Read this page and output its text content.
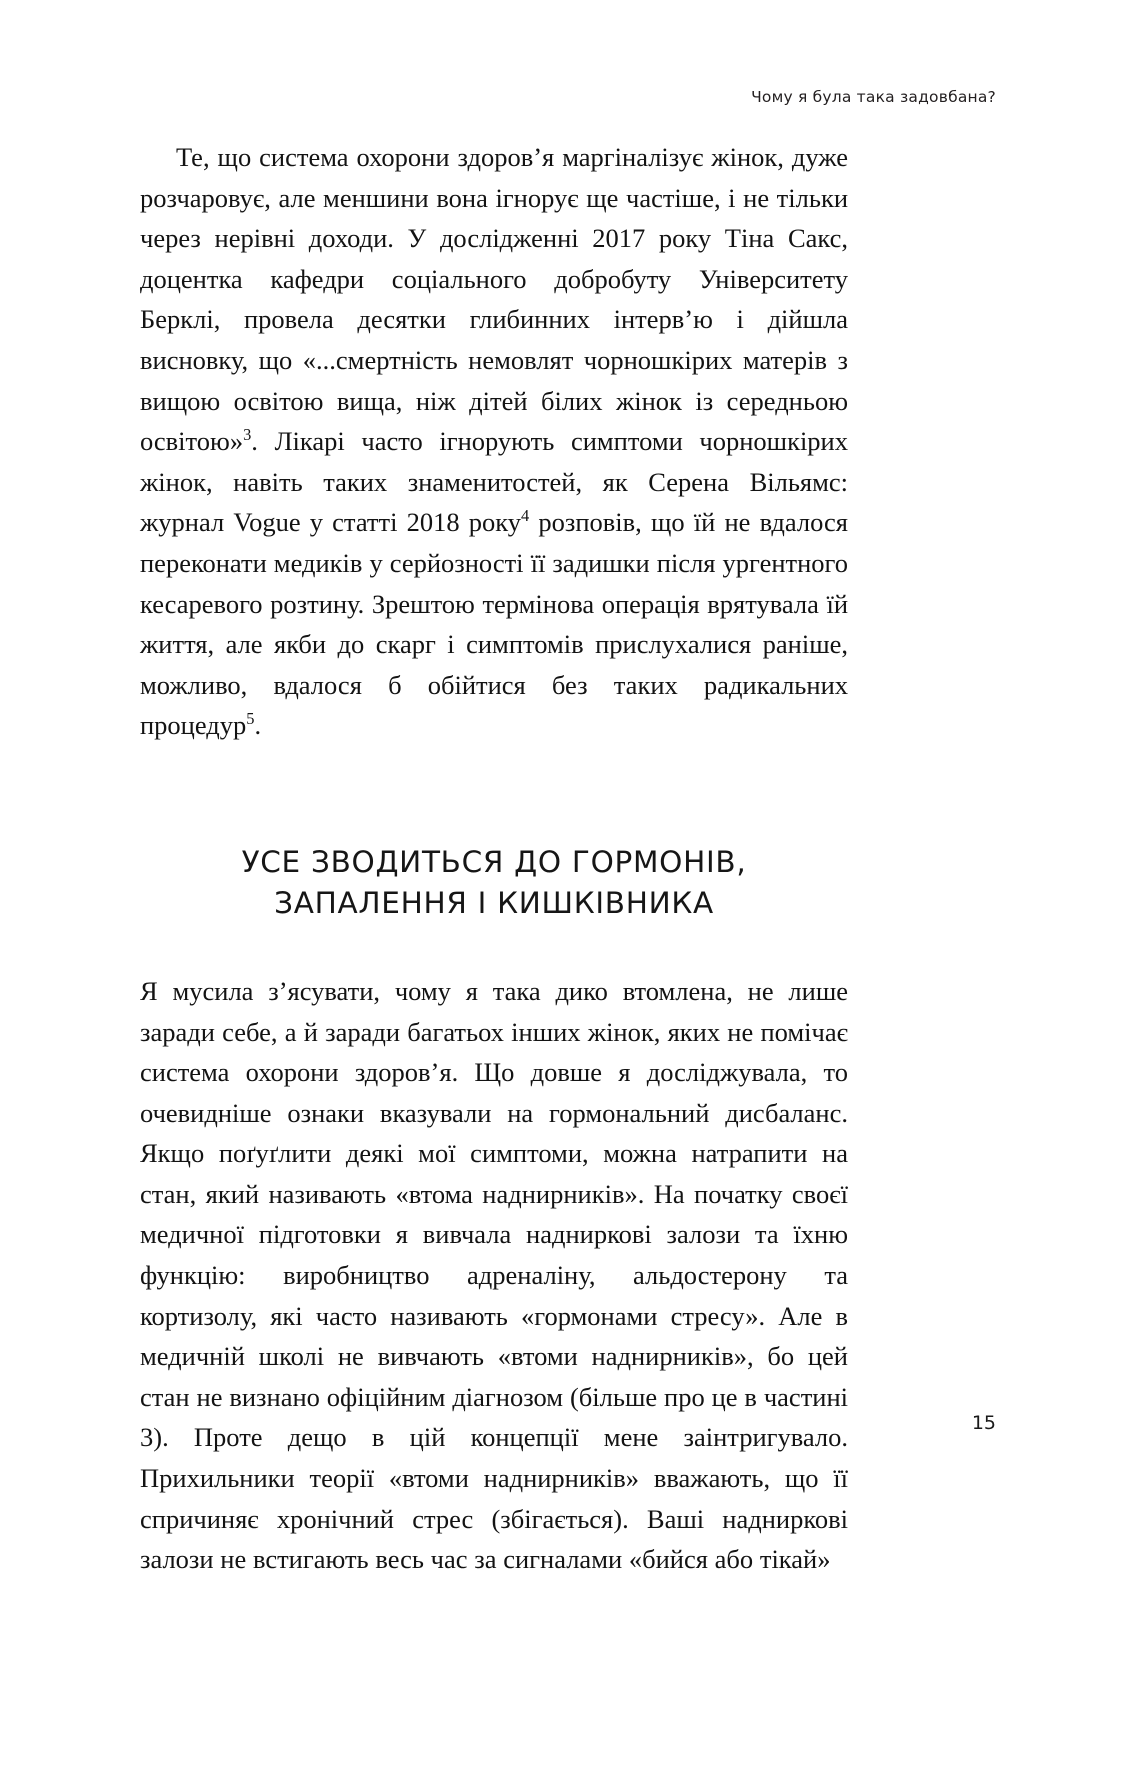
Чому я була така задовбана?

Те, що система охорони здоров’я маргіналізує жінок, дуже розчаровує, але меншини вона ігнорує ще частіше, і не тільки через нерівні доходи. У дослідженні 2017 року Тіна Сакс, доцентка кафедри соціального добробуту Університету Берклі, провела десятки глибинних інтерв’ю і дійшла висновку, що «...смертність немовлят чорношкірих матерів з вищою освітою вища, ніж дітей білих жінок із середньою освітою»$^3$. Лікарі часто ігнорують симптоми чорношкірих жінок, навіть таких знаменитостей, як Серена Вільямс: журнал Vogue у статті 2018 року$^4$ розповів, що їй не вдалося переконати медиків у серйозності її задишки після ургентного кесаревого розтину. Зрештою термінова операція врятувала їй життя, але якби до скарг і симптомів прислухалися раніше, можливо, вдалося б обійтися без таких радикальних процедур$^5$.

УСЕ ЗВОДИТЬСЯ ДО ГОРМОНІВ,
ЗАПАЛЕННЯ І КИШКІВНИКА

Я мусила з’ясувати, чому я така дико втомлена, не лише заради себе, а й заради багатьох інших жінок, яких не помічає система охорони здоров’я. Що довше я досліджувала, то очевидніше ознаки вказували на гормональний дисбаланс. Якщо поґуґлити деякі мої симптоми, можна натрапити на стан, який називають «втома наднирників». На початку своєї медичної підготовки я вивчала надниркові залози та їхню функцію: виробництво адреналіну, альдостерону та кортизолу, які часто називають «гормонами стресу». Але в медичній школі не вивчають «втоми наднирників», бо цей стан не визнано офіційним діагнозом (більше про це в частині 3). Проте дещо в цій концепції мене заінтригувало. Прихильники теорії «втоми наднирників» вважають, що її спричиняє хронічний стрес (збігається). Ваші надниркові залози не встигають весь час за сигналами «бийся або тікай»

15
